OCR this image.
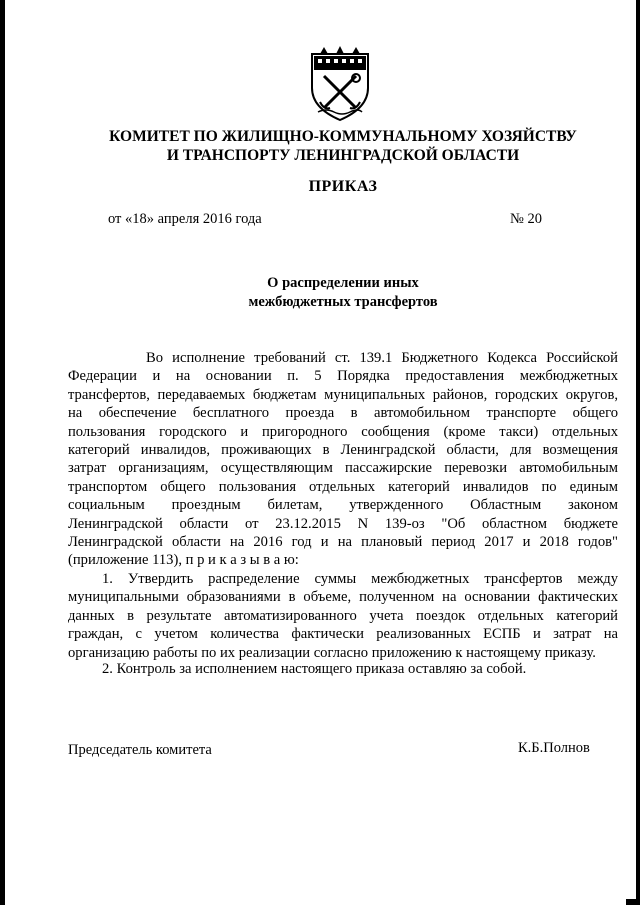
КОМИТЕТ ПО ЖИЛИЩНО-КОММУНАЛЬНОМУ ХОЗЯЙСТВУ
И ТРАНСПОРТУ ЛЕНИНГРАДСКОЙ ОБЛАСТИ
ПРИКАЗ
от «18» апреля 2016 года	№ 20
О распределении иных
межбюджетных трансфертов
Во исполнение требований ст. 139.1 Бюджетного Кодекса Российской
Федерации и на основании п. 5 Порядка предоставления межбюджетных
трансфертов, передаваемых бюджетам муниципальных районов, городских округов,
на обеспечение бесплатного проезда в автомобильном транспорте общего
пользования городского и пригородного сообщения (кроме такси) отдельных
категорий инвалидов, проживающих в Ленинградской области, для возмещения
затрат организациям, осуществляющим пассажирские перевозки автомобильным
транспортом общего пользования отдельных категорий инвалидов по единым
социальным проездным билетам, утвержденного Областным законом
Ленинградской области от 23.12.2015 N 139-оз "Об областном бюджете
Ленинградской области на 2016 год и на плановый период 2017 и 2018 годов"
(приложение 113), п р и к а з ы в а ю:
1. Утвердить распределение суммы межбюджетных трансфертов между
муниципальными образованиями в объеме, полученном на основании фактических
данных в результате автоматизированного учета поездок отдельных категорий
граждан, с учетом количества фактически реализованных ЕСПБ и затрат на
организацию работы по их реализации согласно приложению к настоящему приказу.
2. Контроль за исполнением настоящего приказа оставляю за собой.
Председатель комитета	К.Б.Полнов
